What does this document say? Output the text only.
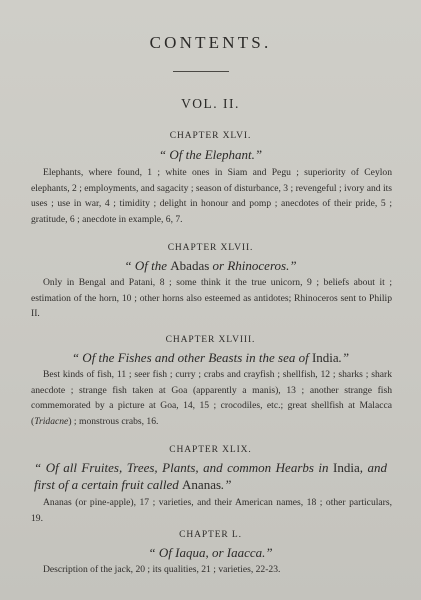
CONTENTS.
VOL. II.
CHAPTER XLVI.
“ Of the Elephant.”
Elephants, where found, 1 ; white ones in Siam and Pegu ; superiority of Ceylon elephants, 2 ; employments, and sagacity ; season of disturbance, 3 ; revengeful ; ivory and its uses ; use in war, 4 ; timidity ; delight in honour and pomp ; anecdotes of their pride, 5 ; gratitude, 6 ; anecdote in example, 6, 7.
CHAPTER XLVII.
“ Of the Abadas or Rhinoceros.”
Only in Bengal and Patani, 8 ; some think it the true unicorn, 9 ; beliefs about it ; estimation of the horn, 10 ; other horns also esteemed as antidotes; Rhinoceros sent to Philip II.
CHAPTER XLVIII.
“ Of the Fishes and other Beasts in the sea of India.”
Best kinds of fish, 11 ; seer fish ; curry ; crabs and crayfish ; shellfish, 12 ; sharks ; shark anecdote ; strange fish taken at Goa (apparently a manis), 13 ; another strange fish commemorated by a picture at Goa, 14, 15 ; crocodiles, etc.; great shellfish at Malacca (Tridacne) ; monstrous crabs, 16.
CHAPTER XLIX.
“ Of all Fruites, Trees, Plants, and common Hearbs in India, and first of a certain fruit called Ananas.”
Ananas (or pine-apple), 17 ; varieties, and their American names, 18 ; other particulars, 19.
CHAPTER L.
“ Of Iaqua, or Iaacca.”
Description of the jack, 20 ; its qualities, 21 ; varieties, 22-23.
